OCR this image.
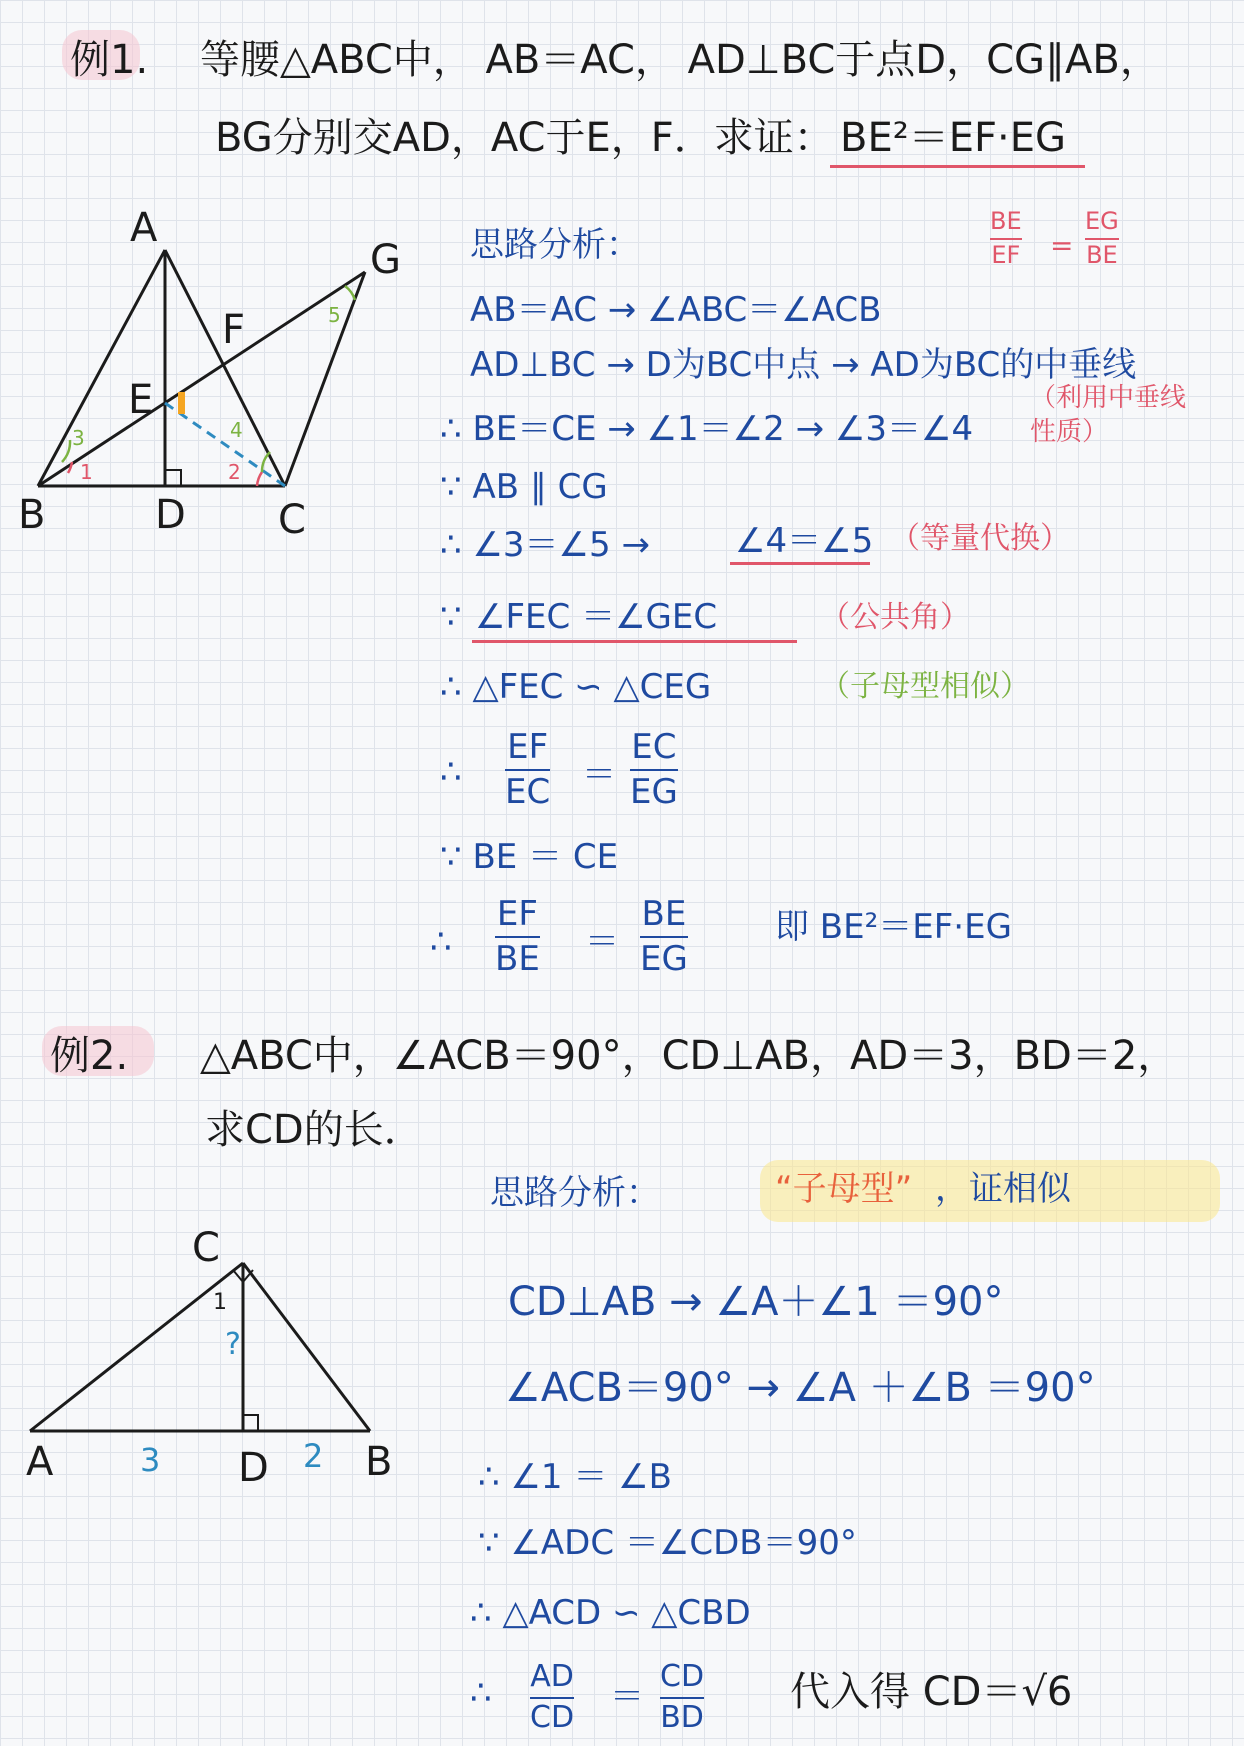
例1. 等腰△ABC中， AB＝AC， AD⊥BC于点D，CG∥AB，
BG分别交AD，AC于E，F．求证： BE²＝EF·EG
BE
EF =
EG
BE
思路分析：
AB＝AC → ∠ABC＝∠ACB
AD⊥BC → D为BC中点 → AD为BC的中垂线
（利用中垂线性质）
∴ BE＝CE → ∠1＝∠2 → ∠3＝∠4
∵ AB ∥ CG
∴ ∠3＝∠5 →	∠4＝∠5 （等量代换）
∵ ∠FEC ＝∠GEC	（公共角）
∴ △FEC ∽ △CEG	（子母型相似）
∴
EF
EC ＝
EC
EG
∵ BE ＝ CE
∴
EF
BE ＝
BE
EG
即 BE²＝EF·EG
A
B	C
D
E
F
G
1	2
3	4
5
例2. △ABC中，∠ACB＝90°，CD⊥AB，AD＝3，BD＝2，
求CD的长．
思路分析：	“子母型” ，证相似
CD⊥AB → ∠A＋∠1 ＝90°
∠ACB＝90° → ∠A ＋∠B ＝90°
∴ ∠1 ＝ ∠B
∵ ∠ADC ＝∠CDB＝90°
∴ △ACD ∽ △CBD
∴ AD
CD ＝
CD
BD
代入得 CD＝√6
C
A	D B
1
?
3	2
